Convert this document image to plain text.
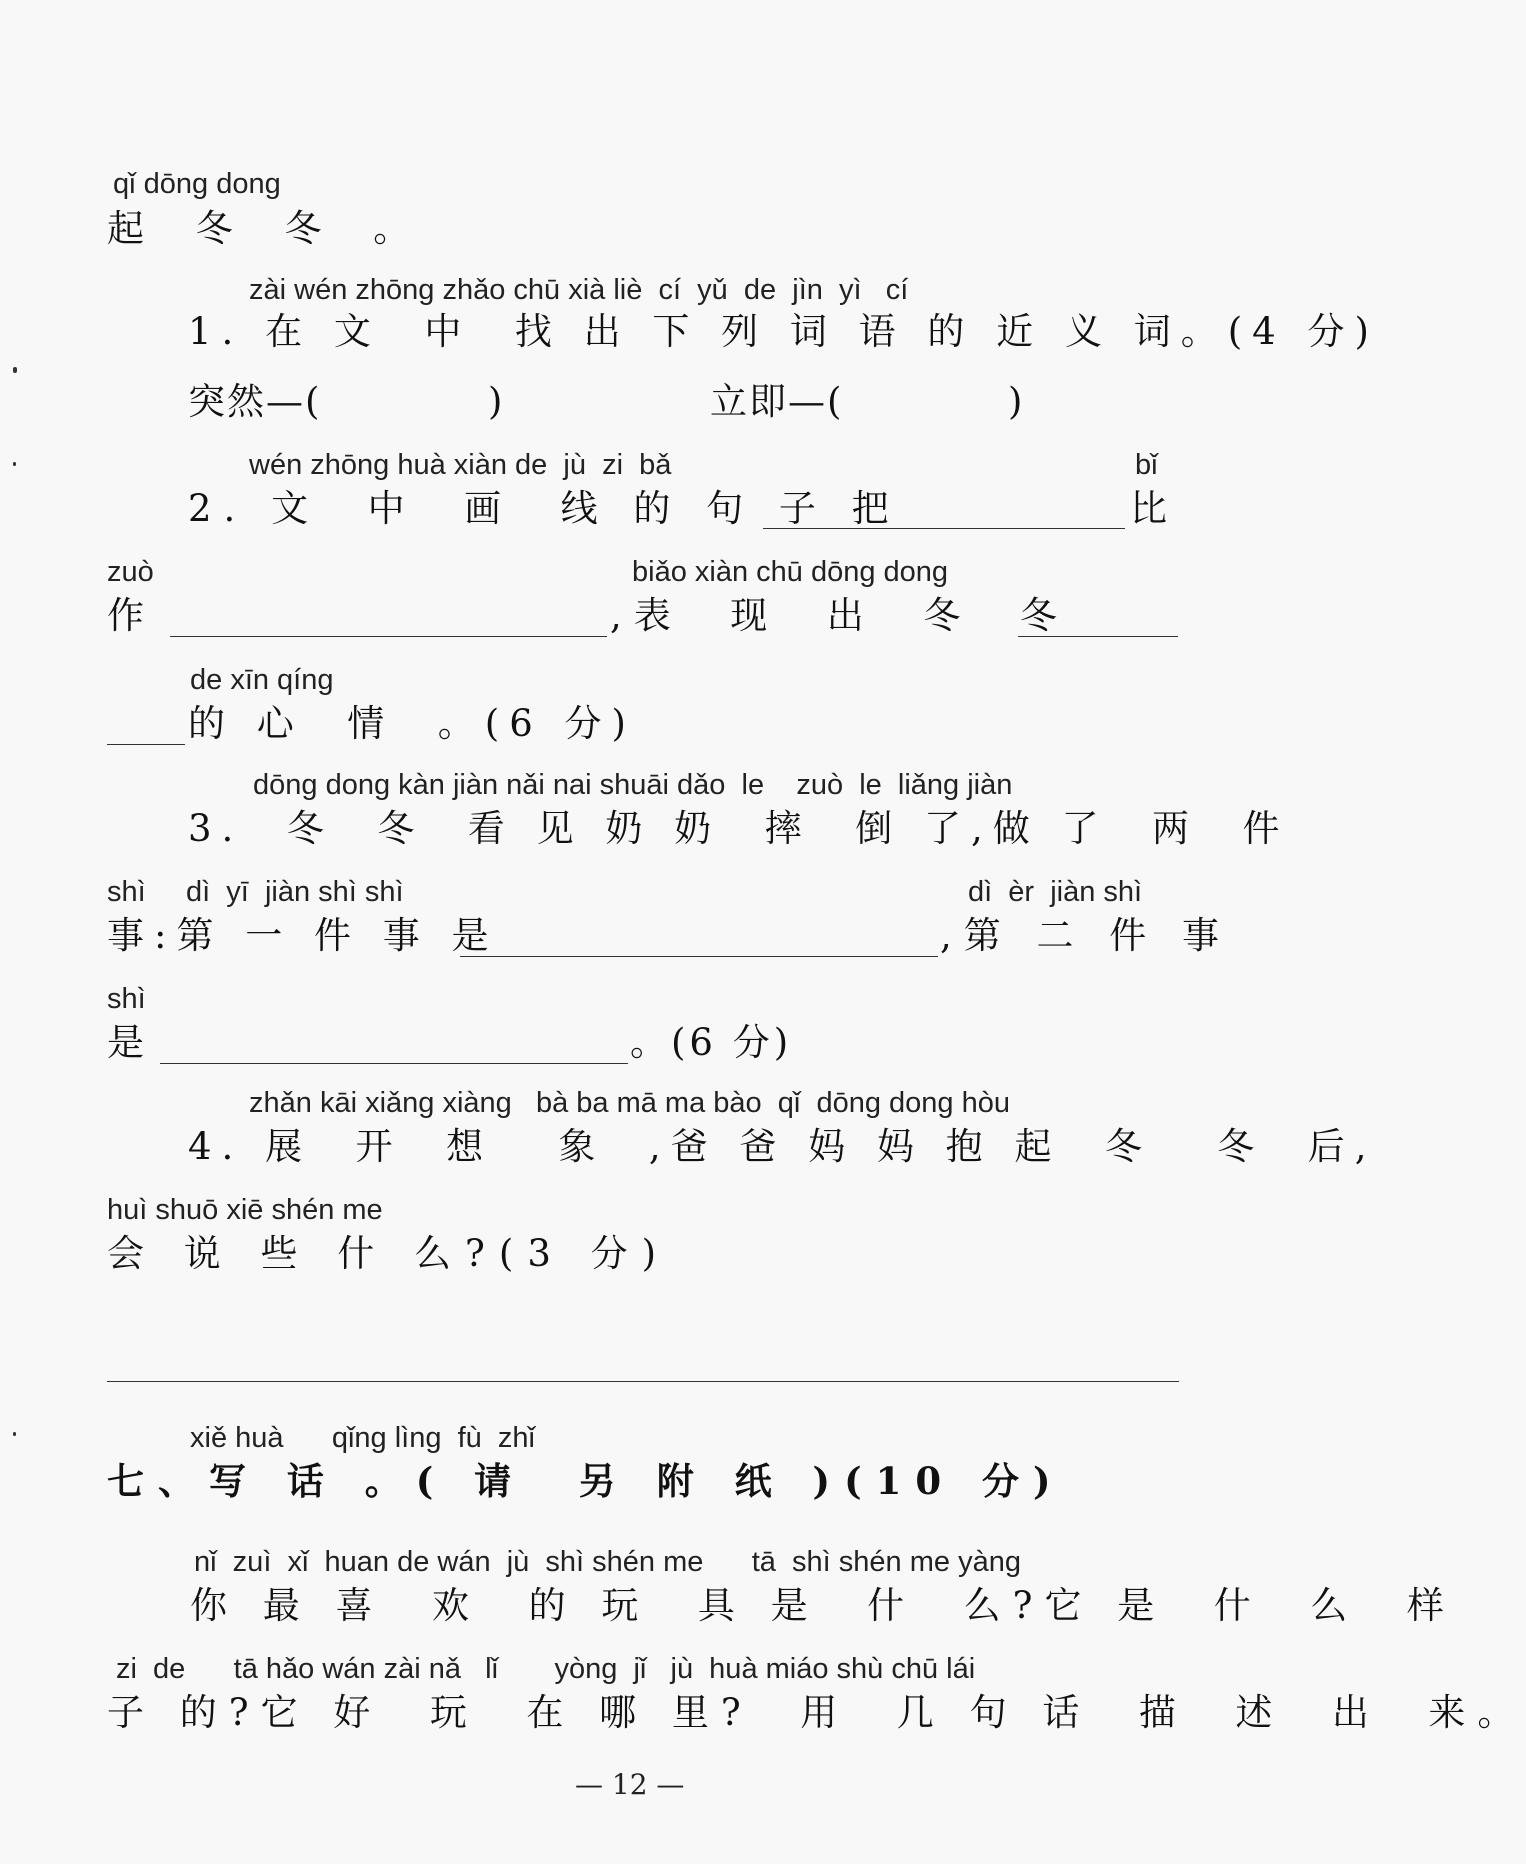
qǐ dōng dong
起 冬 冬 。
zài wén zhōng zhǎo chū xià liè  cí  yǔ  de  jìn  yì   cí
1. 在 文  中  找 出 下 列 词 语 的 近 义 词。(4 分)
突然—(	)	立即—(	)
wén zhōng huà xiàn de  jù  zi  bǎ
2. 文  中  画  线 的 句 子 把
bǐ
比
zuò
作
biǎo xiàn chū dōng dong
,表  现  出  冬  冬
de xīn qíng
的 心  情  。(6 分)
dōng dong kàn jiàn nǎi nai shuāi dǎo  le    zuò  le  liǎng jiàn
3.  冬  冬  看 见 奶 奶  摔  倒 了,做 了  两  件
shì     dì  yī  jiàn shì shì
事:第 一 件 事 是
dì  èr  jiàn shì
,第 二 件 事
shì
是	。(6 分)
zhǎn kāi xiǎng xiàng   bà ba mā ma bào  qǐ  dōng dong hòu
4. 展  开  想   象  ,爸 爸 妈 妈 抱 起  冬   冬  后,
huì shuō xiē shén me
会 说 些 什 么?(3 分)
xiě huà      qǐng lìng  fù  zhǐ
七、写 话 。( 请  另 附 纸 )(10 分)
nǐ  zuì  xǐ  huan de wán  jù  shì shén me      tā  shì shén me yàng
你 最 喜  欢  的 玩  具 是  什  么?它 是  什  么  样
zi  de      tā hǎo wán zài nǎ   lǐ       yòng  jǐ   jù  huà miáo shù chū lái
子 的?它 好  玩  在 哪 里?  用  几 句 话  描  述  出  来。
— 12 —
